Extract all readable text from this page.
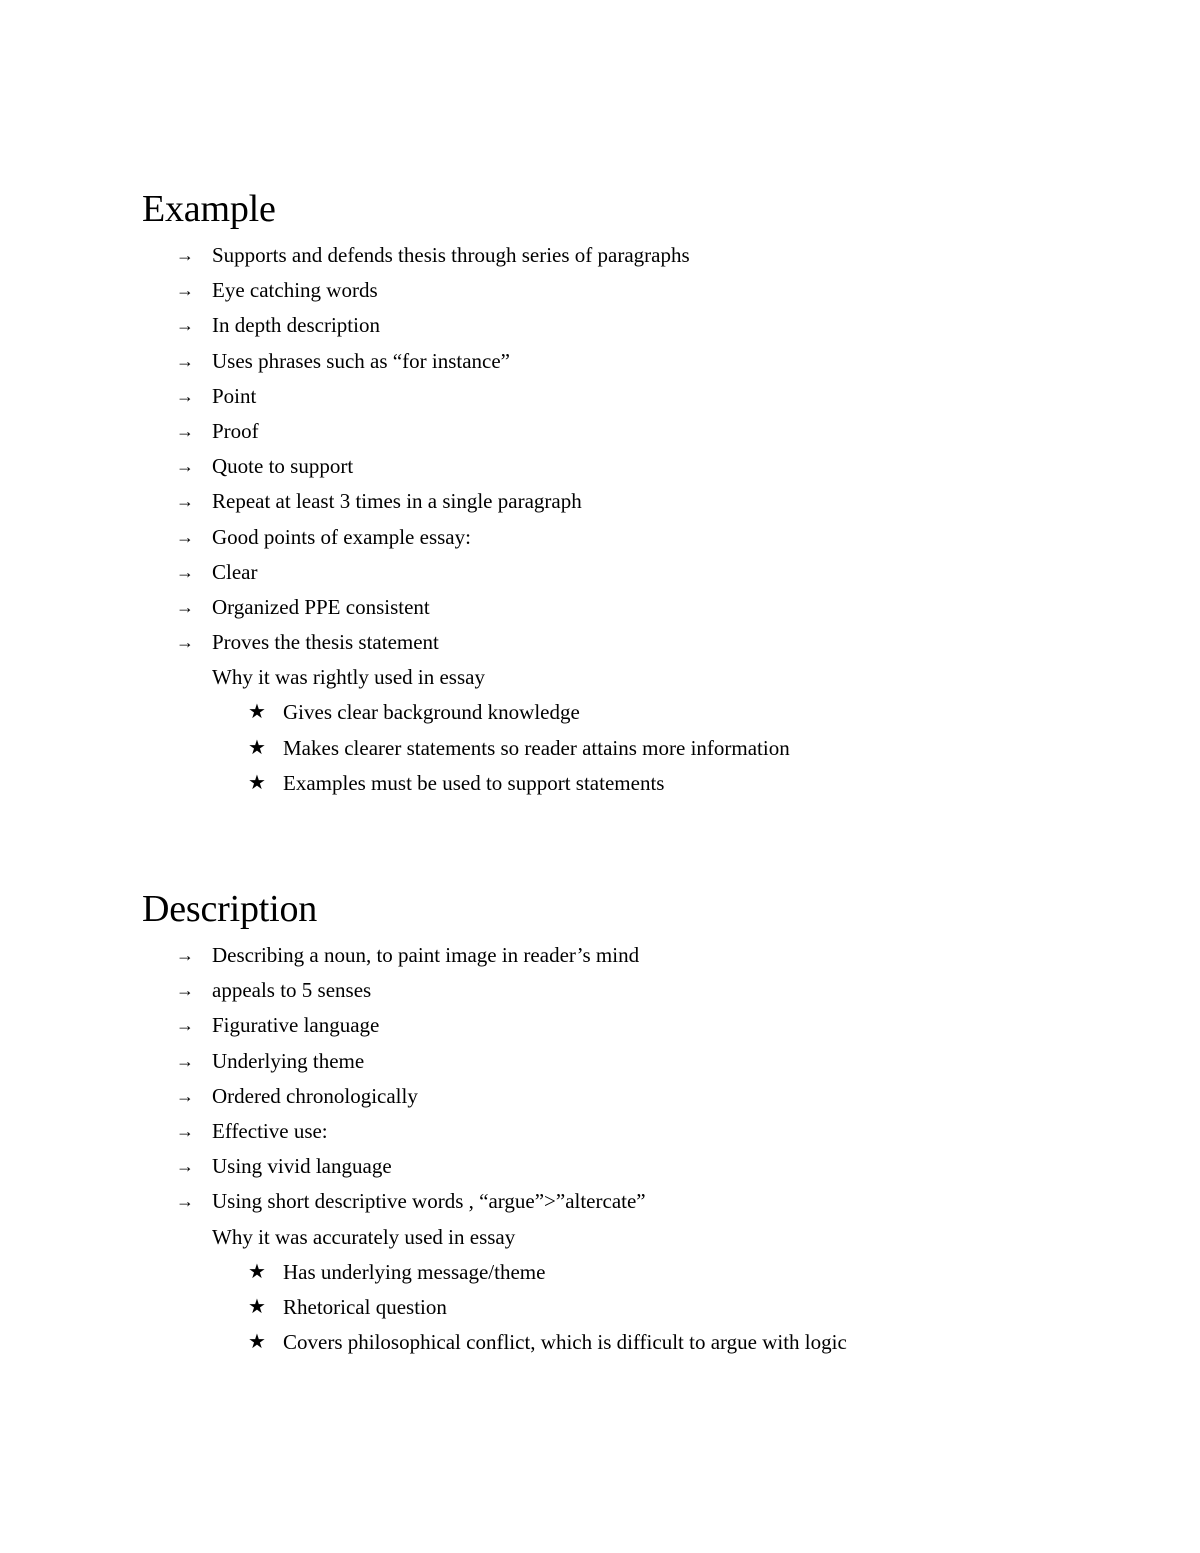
Example
→ Supports and defends thesis through series of paragraphs
→ Eye catching words
→ In depth description
→ Uses phrases such as “for instance”
→ Point
→ Proof
→ Quote to support
→ Repeat at least 3 times in a single paragraph
→ Good points of example essay:
→ Clear
→ Organized PPE consistent
→ Proves the thesis statement
Why it was rightly used in essay
★ Gives clear background knowledge
★ Makes clearer statements so reader attains more information
★ Examples must be used to support statements
Description
→ Describing a noun, to paint image in reader’s mind
→ appeals to 5 senses
→ Figurative language
→ Underlying theme
→ Ordered chronologically
→ Effective use:
→ Using vivid language
→ Using short descriptive words , “argue”>”altercate”
Why it was accurately used in essay
★ Has underlying message/theme
★ Rhetorical question
★ Covers philosophical conflict, which is difficult to argue with logic
